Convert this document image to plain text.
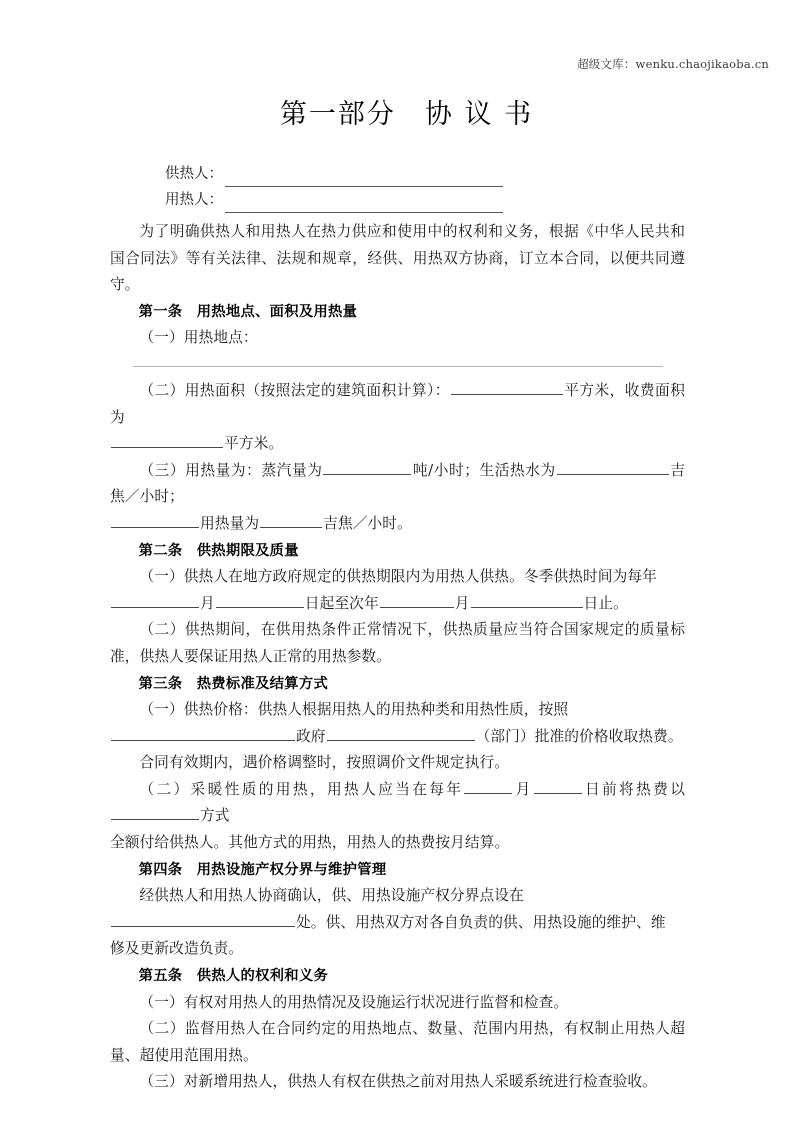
超级文库：wenku.chaojikaoba.cn
第一部分　协 议 书
供热人：
用热人：

为了明确供热人和用热人在热力供应和使用中的权利和义务，根据《中华人民共和国合同法》等有关法律、法规和规章，经供、用热双方协商，订立本合同，以便共同遵守。

第一条 用热地点、面积及用热量

（一）用热地点：

（二）用热面积（按照法定的建筑面积计算）：	平方米，收费面积为
平方米。

（三）用热量为：蒸汽量为	吨/小时；生活热水为	吉焦／小时；
用热量为	吉焦／小时。

第二条 供热期限及质量

（一）供热人在地方政府规定的供热期限内为用热人供热。冬季供热时间为每年
月	日起至次年	月	日止。

（二）供热期间，在供用热条件正常情况下，供热质量应当符合国家规定的质量标准，供热人要保证用热人正常的用热参数。

第三条 热费标准及结算方式

（一）供热价格：供热人根据用热人的用热种类和用热性质，按照
政府	（部门）批准的价格收取热费。

合同有效期内，遇价格调整时，按照调价文件规定执行。

（二）采暖性质的用热，用热人应当在每年	月	日前将热费以方式
全额付给供热人。其他方式的用热，用热人的热费按月结算。

第四条 用热设施产权分界与维护管理

经供热人和用热人协商确认，供、用热设施产权分界点设在
处。供、用热双方对各自负责的供、用热设施的维护、维
修及更新改造负责。

第五条 供热人的权利和义务

（一）有权对用热人的用热情况及设施运行状况进行监督和检查。

（二）监督用热人在合同约定的用热地点、数量、范围内用热，有权制止用热人超量、超使用范围用热。

（三）对新增用热人，供热人有权在供热之前对用热人采暖系统进行检查验收。
